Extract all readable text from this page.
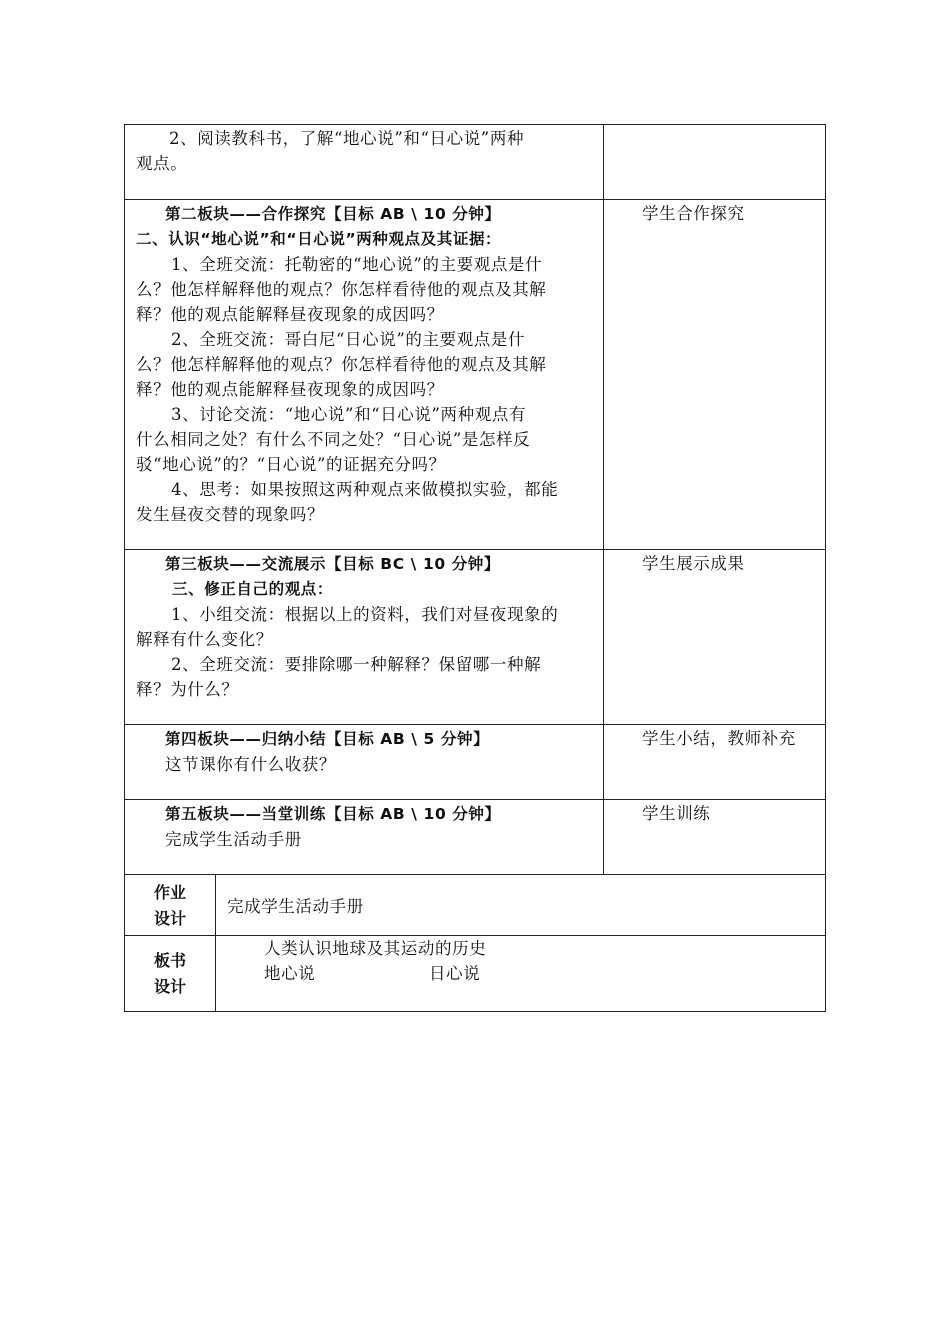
2、阅读教科书，了解“地心说”和“日心说”两种
观点。
第二板块——合作探究【目标 AB \ 10 分钟】
二、认识“地心说”和“日心说”两种观点及其证据：
1、全班交流：托勒密的“地心说”的主要观点是什
么？他怎样解释他的观点？你怎样看待他的观点及其解
释？他的观点能解释昼夜现象的成因吗？
2、全班交流：哥白尼“日心说”的主要观点是什
么？他怎样解释他的观点？你怎样看待他的观点及其解
释？他的观点能解释昼夜现象的成因吗？
3、讨论交流：“地心说”和“日心说”两种观点有
什么相同之处？有什么不同之处？“日心说”是怎样反
驳“地心说”的？“日心说”的证据充分吗？
4、思考：如果按照这两种观点来做模拟实验，都能
发生昼夜交替的现象吗？
学生合作探究
第三板块——交流展示【目标 BC \ 10 分钟】
三、修正自己的观点：
1、小组交流：根据以上的资料，我们对昼夜现象的
解释有什么变化？
2、全班交流：要排除哪一种解释？保留哪一种解
释？为什么？
学生展示成果
第四板块——归纳小结【目标 AB \ 5 分钟】
这节课你有什么收获？
学生小结，教师补充
第五板块——当堂训练【目标 AB \ 10 分钟】
完成学生活动手册
学生训练
作业
设计
完成学生活动手册
板书
设计
人类认识地球及其运动的历史
地心说	日心说
